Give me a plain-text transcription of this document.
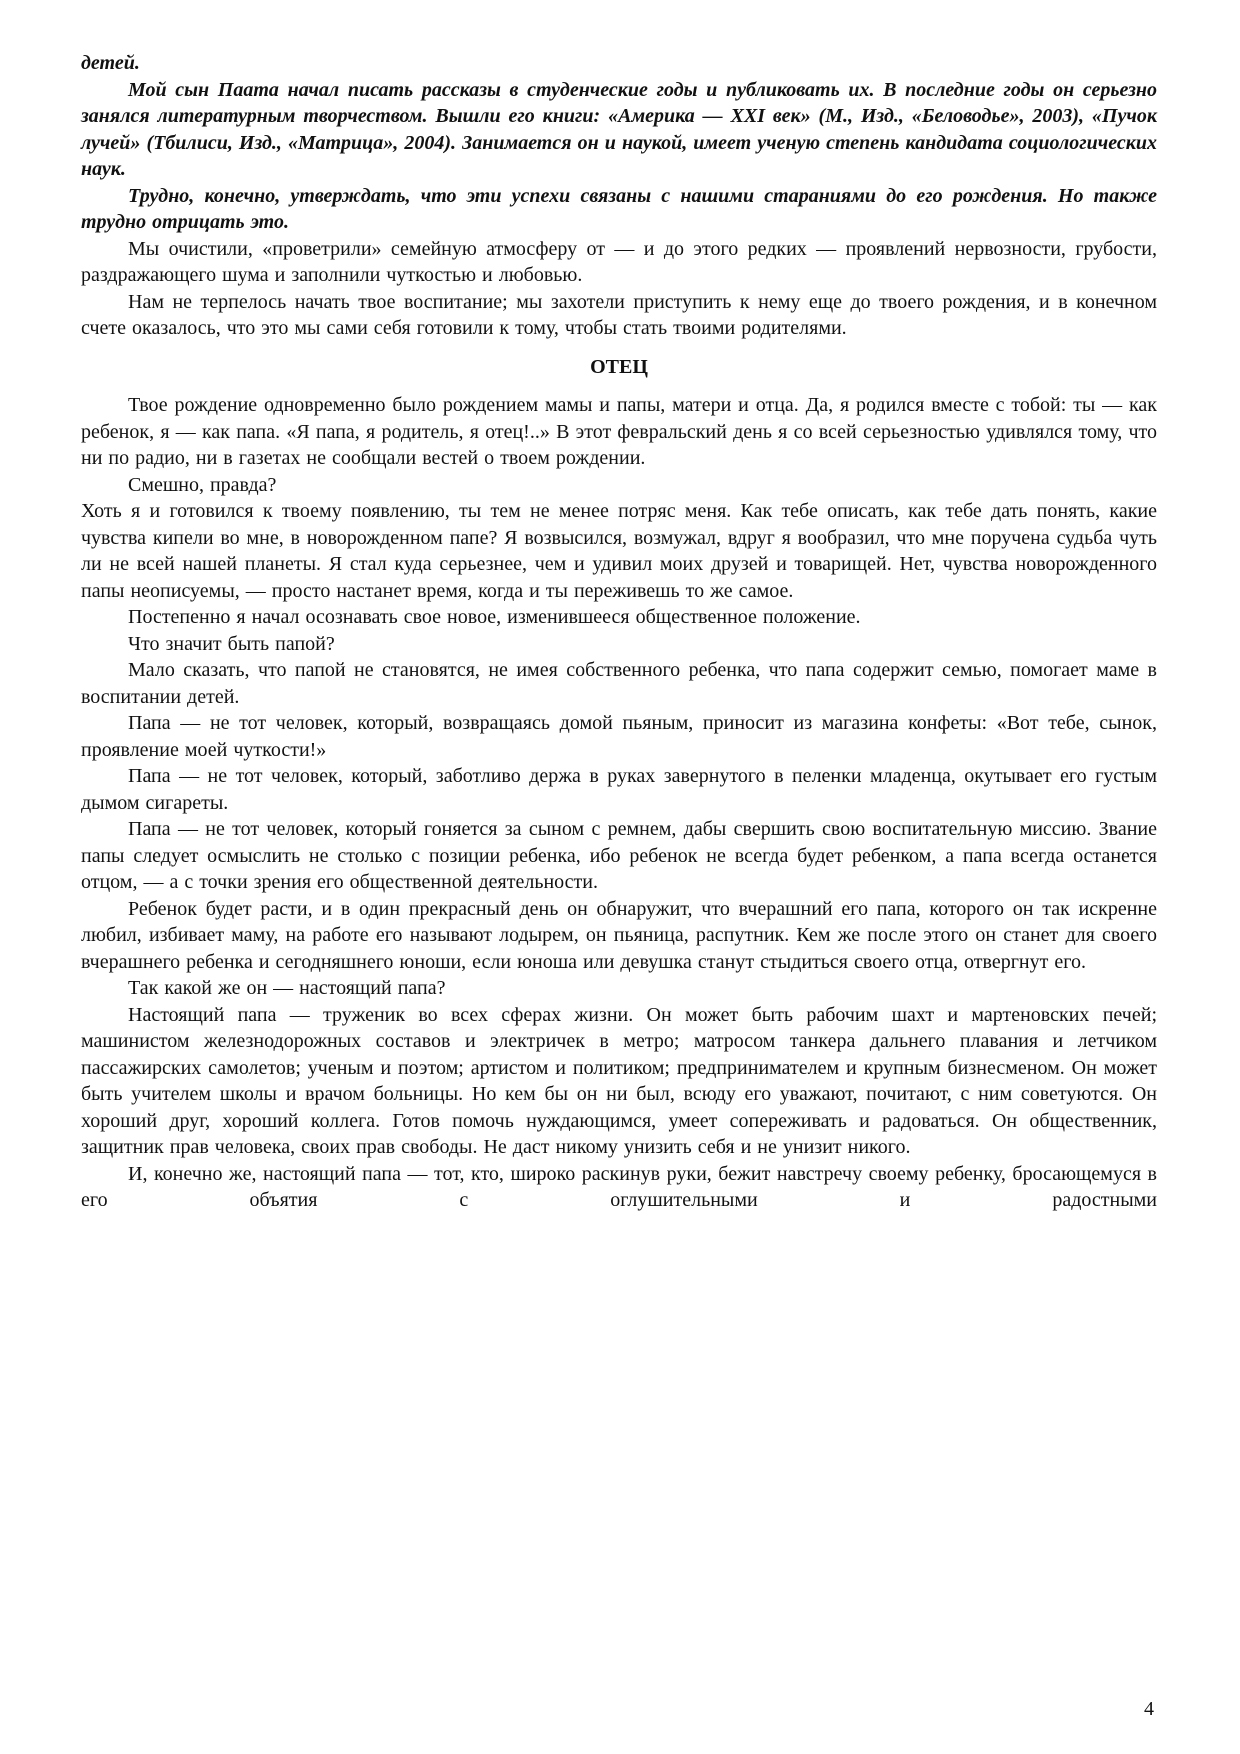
детей.

Мой сын Паата начал писать рассказы в студенческие годы и публиковать их. В последние годы он серьезно занялся литературным творчеством. Вышли его книги: «Америка — XXI век» (М., Изд., «Беловодье», 2003), «Пучок лучей» (Тбилиси, Изд., «Матрица», 2004). Занимается он и наукой, имеет ученую степень кандидата социологических наук.

Трудно, конечно, утверждать, что эти успехи связаны с нашими стараниями до его рождения. Но также трудно отрицать это.

Мы очистили, «проветрили» семейную атмосферу от — и до этого редких — проявлений нервозности, грубости, раздражающего шума и заполнили чуткостью и любовью.

Нам не терпелось начать твое воспитание; мы захотели приступить к нему еще до твоего рождения, и в конечном счете оказалось, что это мы сами себя готовили к тому, чтобы стать твоими родителями.

ОТЕЦ

Твое рождение одновременно было рождением мамы и папы, матери и отца. Да, я родился вместе с тобой: ты — как ребенок, я — как папа. «Я папа, я родитель, я отец!..» В этот февральский день я со всей серьезностью удивлялся тому, что ни по радио, ни в газетах не сообщали вестей о твоем рождении.

Смешно, правда?

Хоть я и готовился к твоему появлению, ты тем не менее потряс меня. Как тебе описать, как тебе дать понять, какие чувства кипели во мне, в новорожденном папе? Я возвысился, возмужал, вдруг я вообразил, что мне поручена судьба чуть ли не всей нашей планеты. Я стал куда серьезнее, чем и удивил моих друзей и товарищей. Нет, чувства новорожденного папы неописуемы, — просто настанет время, когда и ты переживешь то же самое.

Постепенно я начал осознавать свое новое, изменившееся общественное положение.

Что значит быть папой?

Мало сказать, что папой не становятся, не имея собственного ребенка, что папа содержит семью, помогает маме в воспитании детей.

Папа — не тот человек, который, возвращаясь домой пьяным, приносит из магазина конфеты: «Вот тебе, сынок, проявление моей чуткости!»

Папа — не тот человек, который, заботливо держа в руках завернутого в пеленки младенца, окутывает его густым дымом сигареты.

Папа — не тот человек, который гоняется за сыном с ремнем, дабы свершить свою воспитательную миссию. Звание папы следует осмыслить не столько с позиции ребенка, ибо ребенок не всегда будет ребенком, а папа всегда останется отцом, — а с точки зрения его общественной деятельности.

Ребенок будет расти, и в один прекрасный день он обнаружит, что вчерашний его папа, которого он так искренне любил, избивает маму, на работе его называют лодырем, он пьяница, распутник. Кем же после этого он станет для своего вчерашнего ребенка и сегодняшнего юноши, если юноша или девушка станут стыдиться своего отца, отвергнут его.

Так какой же он — настоящий папа?

Настоящий папа — труженик во всех сферах жизни. Он может быть рабочим шахт и мартеновских печей; машинистом железнодорожных составов и электричек в метро; матросом танкера дальнего плавания и летчиком пассажирских самолетов; ученым и поэтом; артистом и политиком; предпринимателем и крупным бизнесменом. Он может быть учителем школы и врачом больницы. Но кем бы он ни был, всюду его уважают, почитают, с ним советуются. Он хороший друг, хороший коллега. Готов помочь нуждающимся, умеет сопереживать и радоваться. Он общественник, защитник прав человека, своих прав свободы. Не даст никому унизить себя и не унизит никого.

И, конечно же, настоящий папа — тот, кто, широко раскинув руки, бежит навстречу своему ребенку, бросающемуся в его объятия с оглушительными и радостными

4
